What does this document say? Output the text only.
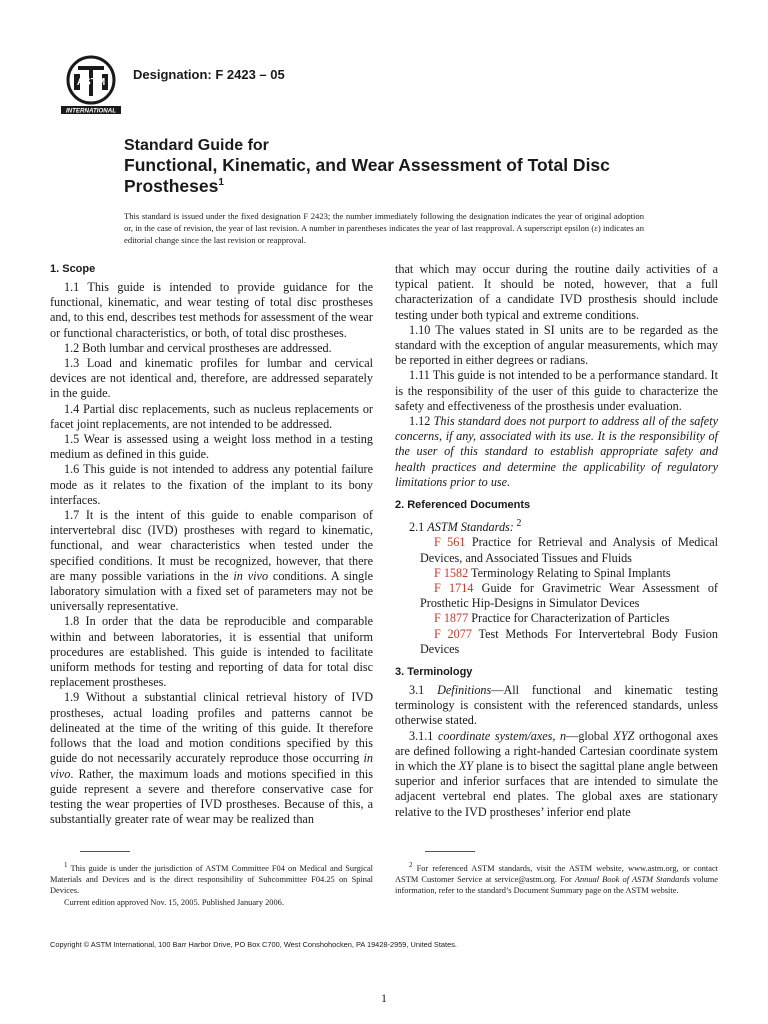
ASTM
INTERNATIONAL
Designation: F 2423 – 05
Standard Guide for
Functional, Kinematic, and Wear Assessment of Total Disc
Prostheses$^1$
This standard is issued under the fixed designation F 2423; the number immediately following the designation indicates the year of original adoption or, in the case of revision, the year of last revision. A number in parentheses indicates the year of last reapproval. A superscript epsilon (ε) indicates an editorial change since the last revision or reapproval.
1. Scope

1.1 This guide is intended to provide guidance for the functional, kinematic, and wear testing of total disc prostheses and, to this end, describes test methods for assessment of the wear or functional characteristics, or both, of total disc prostheses.

1.2 Both lumbar and cervical prostheses are addressed.

1.3 Load and kinematic profiles for lumbar and cervical devices are not identical and, therefore, are addressed separately in the guide.

1.4 Partial disc replacements, such as nucleus replacements or facet joint replacements, are not intended to be addressed.

1.5 Wear is assessed using a weight loss method in a testing medium as defined in this guide.

1.6 This guide is not intended to address any potential failure mode as it relates to the fixation of the implant to its bony interfaces.

1.7 It is the intent of this guide to enable comparison of intervertebral disc (IVD) prostheses with regard to kinematic, functional, and wear characteristics when tested under the specified conditions. It must be recognized, however, that there are many possible variations in the in vivo conditions. A single laboratory simulation with a fixed set of parameters may not be universally representative.

1.8 In order that the data be reproducible and comparable within and between laboratories, it is essential that uniform procedures are established. This guide is intended to facilitate uniform methods for testing and reporting of data for total disc replacement prostheses.

1.9 Without a substantial clinical retrieval history of IVD prostheses, actual loading profiles and patterns cannot be delineated at the time of the writing of this guide. It therefore follows that the load and motion conditions specified by this guide do not necessarily accurately reproduce those occurring in vivo. Rather, the maximum loads and motions specified in this guide represent a severe and therefore conservative case for testing the wear properties of IVD prostheses. Because of this, a substantially greater rate of wear may be realized than

that which may occur during the routine daily activities of a typical patient. It should be noted, however, that a full characterization of a candidate IVD prosthesis should include testing under both typical and extreme conditions.

1.10 The values stated in SI units are to be regarded as the standard with the exception of angular measurements, which may be reported in either degrees or radians.

1.11 This guide is not intended to be a performance standard. It is the responsibility of the user of this guide to characterize the safety and effectiveness of the prosthesis under evaluation.

1.12 This standard does not purport to address all of the safety concerns, if any, associated with its use. It is the responsibility of the user of this standard to establish appropriate safety and health practices and determine the applicability of regulatory limitations prior to use.

2. Referenced Documents

2.1 ASTM Standards: $^2$

F 561 Practice for Retrieval and Analysis of Medical Devices, and Associated Tissues and Fluids

F 1582 Terminology Relating to Spinal Implants

F 1714 Guide for Gravimetric Wear Assessment of Prosthetic Hip-Designs in Simulator Devices

F 1877 Practice for Characterization of Particles

F 2077 Test Methods For Intervertebral Body Fusion Devices

3. Terminology

3.1 Definitions—All functional and kinematic testing terminology is consistent with the referenced standards, unless otherwise stated.

3.1.1 coordinate system/axes, n—global XYZ orthogonal axes are defined following a right-handed Cartesian coordinate system in which the XY plane is to bisect the sagittal plane angle between superior and inferior surfaces that are intended to simulate the adjacent vertebral end plates. The global axes are stationary relative to the IVD prostheses’ inferior end plate

$^1$ This guide is under the jurisdiction of ASTM Committee F04 on Medical and Surgical Materials and Devices and is the direct responsibility of Subcommittee F04.25 on Spinal Devices.
Current edition approved Nov. 15, 2005. Published January 2006.
$^2$ For referenced ASTM standards, visit the ASTM website, www.astm.org, or contact ASTM Customer Service at service@astm.org. For Annual Book of ASTM Standards volume information, refer to the standard’s Document Summary page on the ASTM website.
Copyright © ASTM International, 100 Barr Harbor Drive, PO Box C700, West Conshohocken, PA 19428-2959, United States.
1
